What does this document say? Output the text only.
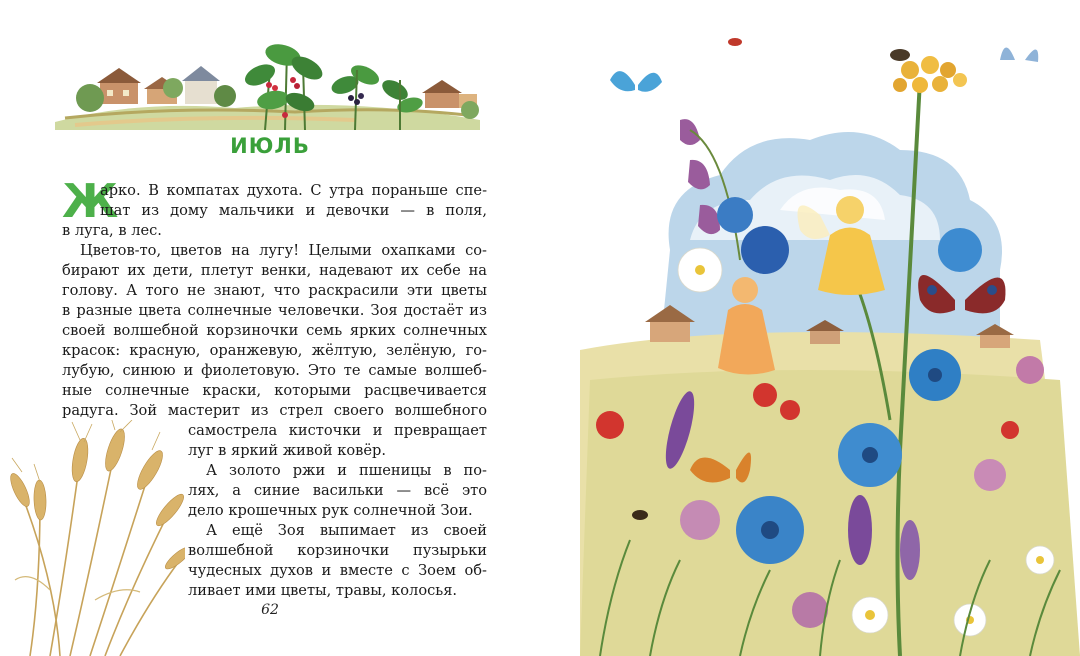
ИЮЛЬ
Ж

арко. В компатах духота. С утра пораньше спе-

шат из дому мальчики и девочки — в поля,

в луга, в лес.

Цветов-то, цветов на лугу! Целыми охапками со-

бирают их дети, плетут венки, надевают их себе на

голову. А того не знают, что раскрасили эти цветы

в разные цвета солнечные человечки. Зоя достаёт из

своей волшебной корзиночки семь ярких солнечных

красок: красную, оранжевую, жёлтую, зелёную, го-

лубую, синюю и фиолетовую. Это те самые волшеб-

ные солнечные краски, которыми расцвечивается

радуга. Зой мастерит из стрел своего волшебного

самострела кисточки и превращает

луг в яркий живой ковёр.

А золото ржи и пшеницы в по-

лях, а синие васильки — всё это

дело крошечных рук солнечной Зои.

А ещё Зоя выпимает из своей

волшебной корзиночки пузырьки

чудесных духов и вместе с Зоем об-

ливает ими цветы, травы, колосья.

62
